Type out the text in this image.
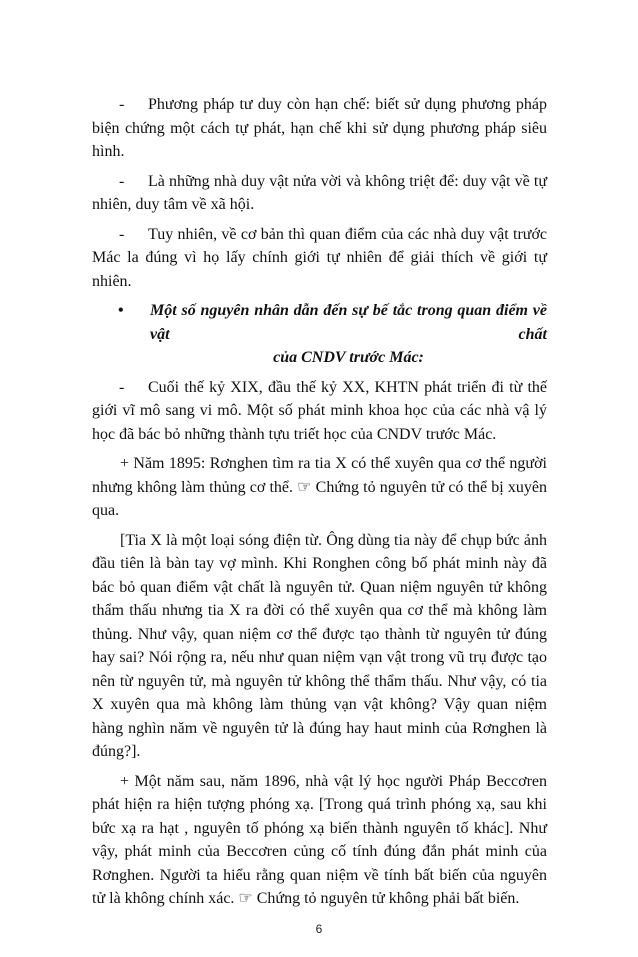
- Phương pháp tư duy còn hạn chế: biết sử dụng phương pháp biện chứng một cách tự phát, hạn chế khi sử dụng phương pháp siêu hình.

- Là những nhà duy vật nửa vời và không triệt để: duy vật về tự nhiên, duy tâm về xã hội.

- Tuy nhiên, về cơ bản thì quan điểm của các nhà duy vật trước Mác la đúng vì họ lấy chính giới tự nhiên để giải thích về giới tự nhiên.

•	Một số nguyên nhân dẫn đến sự bế tắc trong quan điểm về vật chất
của CNDV trước Mác:

- Cuối thế kỷ XIX, đầu thế kỷ XX, KHTN phát triển đi từ thế giới vĩ mô sang vi mô. Một số phát minh khoa học của các nhà vậ lý học đã bác bỏ những thành tựu triết học của CNDV trước Mác.

+ Năm 1895: Rơnghen tìm ra tia X có thể xuyên qua cơ thể người nhưng không làm thủng cơ thể. ☞ Chứng tỏ nguyên tử có thể bị xuyên qua.

[Tia X là một loại sóng điện từ. Ông dùng tia này để chụp bức ảnh đầu tiên là bàn tay vợ mình. Khi Ronghen công bố phát minh này đã bác bỏ quan điểm vật chất là nguyên tử. Quan niệm nguyên tử không thẩm thấu nhưng tia X ra đời có thể xuyên qua cơ thể mà không làm thủng. Như vậy, quan niệm cơ thể được tạo thành từ nguyên tử đúng hay sai? Nói rộng ra, nếu như quan niệm vạn vật trong vũ trụ được tạo nên từ nguyên tử, mà nguyên tử không thể thẩm thấu. Như vậy, có tia X xuyên qua mà không làm thủng vạn vật không? Vậy quan niệm hàng nghìn năm về nguyên tử là đúng hay haut minh của Rơnghen là đúng?].

+ Một năm sau, năm 1896, nhà vật lý học người Pháp Beccơren phát hiện ra hiện tượng phóng xạ. [Trong quá trình phóng xạ, sau khi bức xạ ra hạt , nguyên tố phóng xạ biến thành nguyên tố khác]. Như vậy, phát minh của Beccơren củng cố tính đúng đắn phát minh của Rơnghen. Người ta hiểu rằng quan niệm về tính bất biến của nguyên tử là không chính xác. ☞ Chứng tỏ nguyên tử không phải bất biến.

6
